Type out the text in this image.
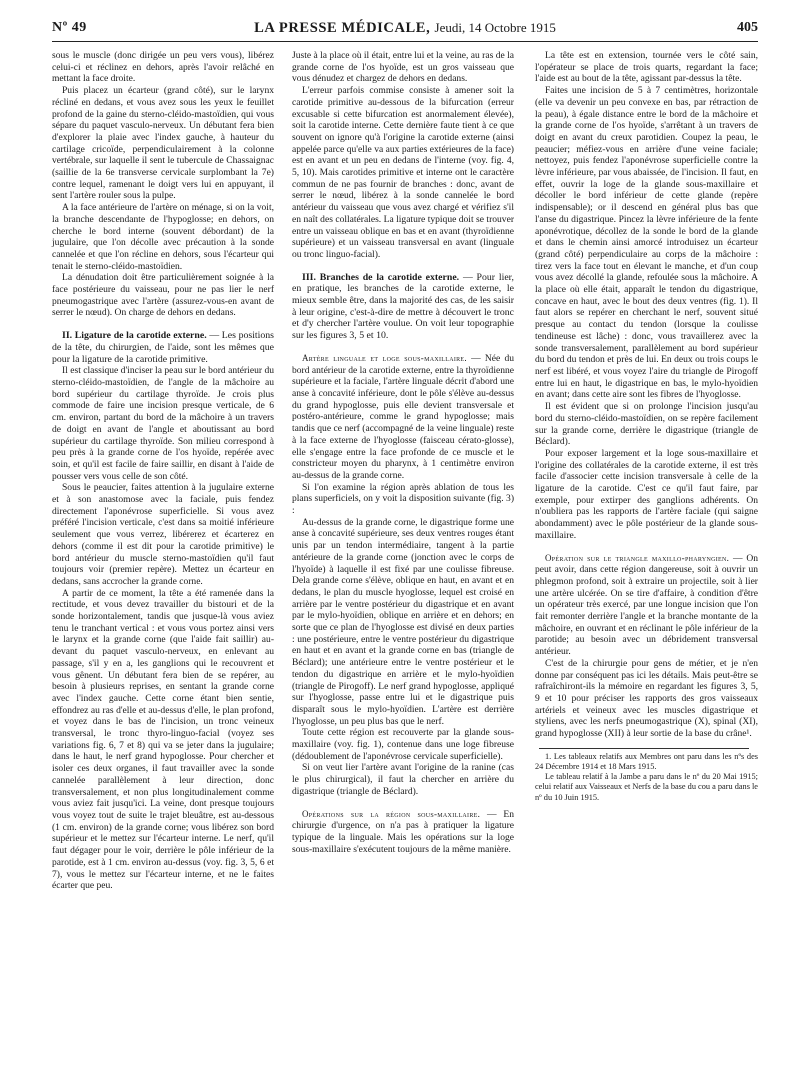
Nº 49	LA PRESSE MÉDICALE, Jeudi, 14 Octobre 1915	405

sous le muscle (donc dirigée un peu vers vous), libérez celui-ci et réclinez en dehors, après l'avoir relâché en mettant la face droite.

Puis placez un écarteur (grand côté), sur le larynx récliné en dedans, et vous avez sous les yeux le feuillet profond de la gaine du sterno-cléido-mastoïdien, qui vous sépare du paquet vasculo-nerveux. Un débutant fera bien d'explorer la plaie avec l'index gauche, à hauteur du cartilage cricoïde, perpendiculairement à la colonne vertébrale, sur laquelle il sent le tubercule de Chassaignac (saillie de la 6e transverse cervicale surplombant la 7e) contre lequel, ramenant le doigt vers lui en appuyant, il sent l'artère rouler sous la pulpe.

A la face antérieure de l'artère on ménage, si on la voit, la branche descendante de l'hypoglosse; en dehors, on cherche le bord interne (souvent débordant) de la jugulaire, que l'on décolle avec précaution à la sonde cannelée et que l'on récline en dehors, sous l'écarteur qui tenait le sterno-cléido-mastoïdien.

La dénudation doit être particulièrement soignée à la face postérieure du vaisseau, pour ne pas lier le nerf pneumogastrique avec l'artère (assurez-vous-en avant de serrer le nœud). On charge de dehors en dedans.

II. Ligature de la carotide externe. — Les positions de la tête, du chirurgien, de l'aide, sont les mêmes que pour la ligature de la carotide primitive.

Il est classique d'inciser la peau sur le bord antérieur du sterno-cléido-mastoïdien, de l'angle de la mâchoire au bord supérieur du cartilage thyroïde. Je crois plus commode de faire une incision presque verticale, de 6 cm. environ, partant du bord de la mâchoire à un travers de doigt en avant de l'angle et aboutissant au bord supérieur du cartilage thyroïde. Son milieu correspond à peu près à la grande corne de l'os hyoïde, repérée avec soin, et qu'il est facile de faire saillir, en disant à l'aide de pousser vers vous celle de son côté.

Sous le peaucier, faites attention à la jugulaire externe et à son anastomose avec la faciale, puis fendez directement l'aponévrose superficielle. Si vous avez préféré l'incision verticale, c'est dans sa moitié inférieure seulement que vous verrez, libérerez et écarterez en dehors (comme il est dit pour la carotide primitive) le bord antérieur du muscle sterno-mastoïdien qu'il faut toujours voir (premier repère). Mettez un écarteur en dedans, sans accrocher la grande corne.

A partir de ce moment, la tête a été ramenée dans la rectitude, et vous devez travailler du bistouri et de la sonde horizontalement, tandis que jusque-là vous aviez tenu le tranchant vertical : et vous vous portez ainsi vers le larynx et la grande corne (que l'aide fait saillir) au-devant du paquet vasculo-nerveux, en enlevant au passage, s'il y en a, les ganglions qui le recouvrent et vous gênent. Un débutant fera bien de se repérer, au besoin à plusieurs reprises, en sentant la grande corne avec l'index gauche. Cette corne étant bien sentie, effondrez au ras d'elle et au-dessus d'elle, le plan profond, et voyez dans le bas de l'incision, un tronc veineux transversal, le tronc thyro-linguo-facial (voyez ses variations fig. 6, 7 et 8) qui va se jeter dans la jugulaire; dans le haut, le nerf grand hypoglosse. Pour chercher et isoler ces deux organes, il faut travailler avec la sonde cannelée parallèlement à leur direction, donc transversalement, et non plus longitudinalement comme vous aviez fait jusqu'ici. La veine, dont presque toujours vous voyez tout de suite le trajet bleuâtre, est au-dessous (1 cm. environ) de la grande corne; vous libérez son bord supérieur et le mettez sur l'écarteur interne. Le nerf, qu'il faut dégager pour le voir, derrière le pôle inférieur de la parotide, est à 1 cm. environ au-dessus (voy. fig. 3, 5, 6 et 7), vous le mettez sur l'écarteur interne, et ne le faites écarter que peu.

Juste à la place où il était, entre lui et la veine, au ras de la grande corne de l'os hyoïde, est un gros vaisseau que vous dénudez et chargez de dehors en dedans.

L'erreur parfois commise consiste à amener soit la carotide primitive au-dessous de la bifurcation (erreur excusable si cette bifurcation est anormalement élevée), soit la carotide interne. Cette dernière faute tient à ce que souvent on ignore qu'à l'origine la carotide externe (ainsi appelée parce qu'elle va aux parties extérieures de la face) est en avant et un peu en dedans de l'interne (voy. fig. 4, 5, 10). Mais carotides primitive et interne ont le caractère commun de ne pas fournir de branches : donc, avant de serrer le nœud, libérez à la sonde cannelée le bord antérieur du vaisseau que vous avez chargé et vérifiez s'il en naît des collatérales. La ligature typique doit se trouver entre un vaisseau oblique en bas et en avant (thyroïdienne supérieure) et un vaisseau transversal en avant (linguale ou tronc linguo-facial).

III. Branches de la carotide externe. — Pour lier, en pratique, les branches de la carotide externe, le mieux semble être, dans la majorité des cas, de les saisir à leur origine, c'est-à-dire de mettre à découvert le tronc et d'y chercher l'artère voulue. On voit leur topographie sur les figures 3, 5 et 10.

Artère linguale et loge sous-maxillaire. — Née du bord antérieur de la carotide externe, entre la thyroïdienne supérieure et la faciale, l'artère linguale décrit d'abord une anse à concavité inférieure, dont le pôle s'élève au-dessus du grand hypoglosse, puis elle devient transversale et postéro-antérieure, comme le grand hypoglosse; mais tandis que ce nerf (accompagné de la veine linguale) reste à la face externe de l'hyoglosse (faisceau cérato-glosse), elle s'engage entre la face profonde de ce muscle et le constricteur moyen du pharynx, à 1 centimètre environ au-dessus de la grande corne.

Si l'on examine la région après ablation de tous les plans superficiels, on y voit la disposition suivante (fig. 3) :

Au-dessus de la grande corne, le digastrique forme une anse à concavité supérieure, ses deux ventres rouges étant unis par un tendon intermédiaire, tangent à la partie antérieure de la grande corne (jonction avec le corps de l'hyoïde) à laquelle il est fixé par une coulisse fibreuse. Dela grande corne s'élève, oblique en haut, en avant et en dedans, le plan du muscle hyoglosse, lequel est croisé en arrière par le ventre postérieur du digastrique et en avant par le mylo-hyoïdien, oblique en arrière et en dehors; en sorte que ce plan de l'hyoglosse est divisé en deux parties : une postérieure, entre le ventre postérieur du digastrique en haut et en avant et la grande corne en bas (triangle de Béclard); une antérieure entre le ventre postérieur et le tendon du digastrique en arrière et le mylo-hyoïdien (triangle de Pirogoff). Le nerf grand hypoglosse, appliqué sur l'hyoglosse, passe entre lui et le digastrique puis disparaît sous le mylo-hyoïdien. L'artère est derrière l'hyoglosse, un peu plus bas que le nerf.

Toute cette région est recouverte par la glande sous-maxillaire (voy. fig. 1), contenue dans une loge fibreuse (dédoublement de l'aponévrose cervicale superficielle).

Si on veut lier l'artère avant l'origine de la ranine (cas le plus chirurgical), il faut la chercher en arrière du digastrique (triangle de Béclard).

Opérations sur la région sous-maxillaire. — En chirurgie d'urgence, on n'a pas à pratiquer la ligature typique de la linguale. Mais les opérations sur la loge sous-maxillaire s'exécutent toujours de la même manière.

La tête est en extension, tournée vers le côté sain, l'opérateur se place de trois quarts, regardant la face; l'aide est au bout de la tête, agissant par-dessus la tête.

Faites une incision de 5 à 7 centimètres, horizontale (elle va devenir un peu convexe en bas, par rétraction de la peau), à égale distance entre le bord de la mâchoire et la grande corne de l'os hyoïde, s'arrêtant à un travers de doigt en avant du creux parotidien. Coupez la peau, le peaucier; méfiez-vous en arrière d'une veine faciale; nettoyez, puis fendez l'aponévrose superficielle contre la lèvre inférieure, par vous abaissée, de l'incision. Il faut, en effet, ouvrir la loge de la glande sous-maxillaire et décoller le bord inférieur de cette glande (repère indispensable); or il descend en général plus bas que l'anse du digastrique. Pincez la lèvre inférieure de la fente aponévrotique, décollez de la sonde le bord de la glande et dans le chemin ainsi amorcé introduisez un écarteur (grand côté) perpendiculaire au corps de la mâchoire : tirez vers la face tout en élevant le manche, et d'un coup vous avez décollé la glande, refoulée sous la mâchoire. A la place où elle était, apparaît le tendon du digastrique, concave en haut, avec le bout des deux ventres (fig. 1). Il faut alors se repérer en cherchant le nerf, souvent situé presque au contact du tendon (lorsque la coulisse tendineuse est lâche) : donc, vous travaillerez avec la sonde transversalement, parallèlement au bord supérieur du bord du tendon et près de lui. En deux ou trois coups le nerf est libéré, et vous voyez l'aire du triangle de Pirogoff entre lui en haut, le digastrique en bas, le mylo-hyoïdien en avant; dans cette aire sont les fibres de l'hyoglosse.

Il est évident que si on prolonge l'incision jusqu'au bord du sterno-cléido-mastoïdien, on se repère facilement sur la grande corne, derrière le digastrique (triangle de Béclard).

Pour exposer largement et la loge sous-maxillaire et l'origine des collatérales de la carotide externe, il est très facile d'associer cette incision transversale à celle de la ligature de la carotide. C'est ce qu'il faut faire, par exemple, pour extirper des ganglions adhérents. On n'oubliera pas les rapports de l'artère faciale (qui saigne abondamment) avec le pôle postérieur de la glande sous-maxillaire.

Opération sur le triangle maxillo-pharyngien. — On peut avoir, dans cette région dangereuse, soit à ouvrir un phlegmon profond, soit à extraire un projectile, soit à lier une artère ulcérée. On se tire d'affaire, à condition d'être un opérateur très exercé, par une longue incision que l'on fait remonter derrière l'angle et la branche montante de la mâchoire, en ouvrant et en réclinant le pôle inférieur de la parotide; au besoin avec un débridement transversal antérieur.

C'est de la chirurgie pour gens de métier, et je n'en donne par conséquent pas ici les détails. Mais peut-être se rafraîchiront-ils la mémoire en regardant les figures 3, 5, 9 et 10 pour préciser les rapports des gros vaisseaux artériels et veineux avec les muscles digastrique et styliens, avec les nerfs pneumogastrique (X), spinal (XI), grand hypoglosse (XII) à leur sortie de la base du crâne¹.

1. Les tableaux relatifs aux Membres ont paru dans les nºs des 24 Décembre 1914 et 18 Mars 1915.

Le tableau relatif à la Jambe a paru dans le nº du 20 Mai 1915; celui relatif aux Vaisseaux et Nerfs de la base du cou a paru dans le nº du 10 Juin 1915.
